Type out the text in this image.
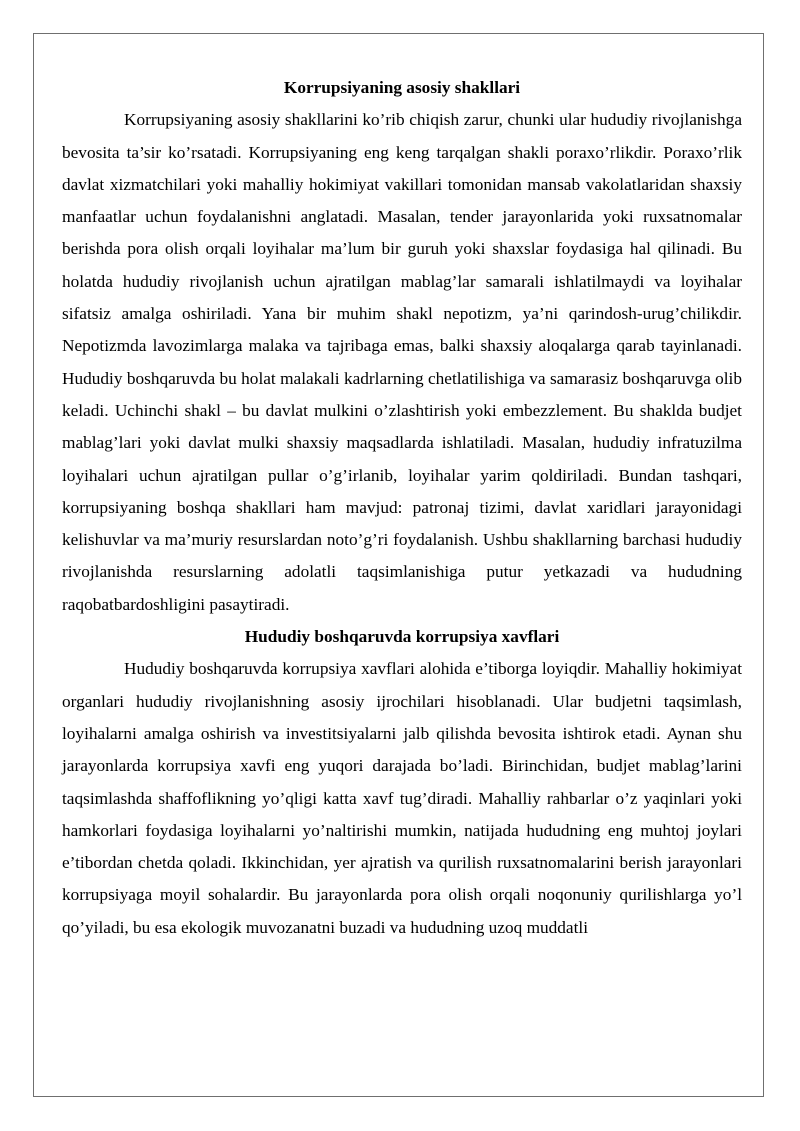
Korrupsiyaning asosiy shakllari

Korrupsiyaning asosiy shakllarini ko’rib chiqish zarur, chunki ular hududiy rivojlanishga bevosita ta’sir ko’rsatadi. Korrupsiyaning eng keng tarqalgan shakli poraxo’rlikdir. Poraxo’rlik davlat xizmatchilari yoki mahalliy hokimiyat vakillari tomonidan mansab vakolatlaridan shaxsiy manfaatlar uchun foydalanishni anglatadi. Masalan, tender jarayonlarida yoki ruxsatnomalar berishda pora olish orqali loyihalar ma’lum bir guruh yoki shaxslar foydasiga hal qilinadi. Bu holatda hududiy rivojlanish uchun ajratilgan mablag’lar samarali ishlatilmaydi va loyihalar sifatsiz amalga oshiriladi. Yana bir muhim shakl nepotizm, ya’ni qarindosh-urug’chilikdir. Nepotizmda lavozimlarga malaka va tajribaga emas, balki shaxsiy aloqalarga qarab tayinlanadi. Hududiy boshqaruvda bu holat malakali kadrlarning chetlatilishiga va samarasiz boshqaruvga olib keladi. Uchinchi shakl – bu davlat mulkini o’zlashtirish yoki embezzlement. Bu shaklda budjet mablag’lari yoki davlat mulki shaxsiy maqsadlarda ishlatiladi. Masalan, hududiy infratuzilma loyihalari uchun ajratilgan pullar o’g’irlanib, loyihalar yarim qoldiriladi. Bundan tashqari, korrupsiyaning boshqa shakllari ham mavjud: patronaj tizimi, davlat xaridlari jarayonidagi kelishuvlar va ma’muriy resurslardan noto’g’ri foydalanish. Ushbu shakllarning barchasi hududiy rivojlanishda resurslarning adolatli taqsimlanishiga putur yetkazadi va hududning raqobatbardoshligini pasaytiradi.

Hududiy boshqaruvda korrupsiya xavflari

Hududiy boshqaruvda korrupsiya xavflari alohida e’tiborga loyiqdir. Mahalliy hokimiyat organlari hududiy rivojlanishning asosiy ijrochilari hisoblanadi. Ular budjetni taqsimlash, loyihalarni amalga oshirish va investitsiyalarni jalb qilishda bevosita ishtirok etadi. Aynan shu jarayonlarda korrupsiya xavfi eng yuqori darajada bo’ladi. Birinchidan, budjet mablag’larini taqsimlashda shaffoflikning yo’qligi katta xavf tug’diradi. Mahalliy rahbarlar o’z yaqinlari yoki hamkorlari foydasiga loyihalarni yo’naltirishi mumkin, natijada hududning eng muhtoj joylari e’tibordan chetda qoladi. Ikkinchidan, yer ajratish va qurilish ruxsatnomalarini berish jarayonlari korrupsiyaga moyil sohalardir. Bu jarayonlarda pora olish orqali noqonuniy qurilishlarga yo’l qo’yiladi, bu esa ekologik muvozanatni buzadi va hududning uzoq muddatli
